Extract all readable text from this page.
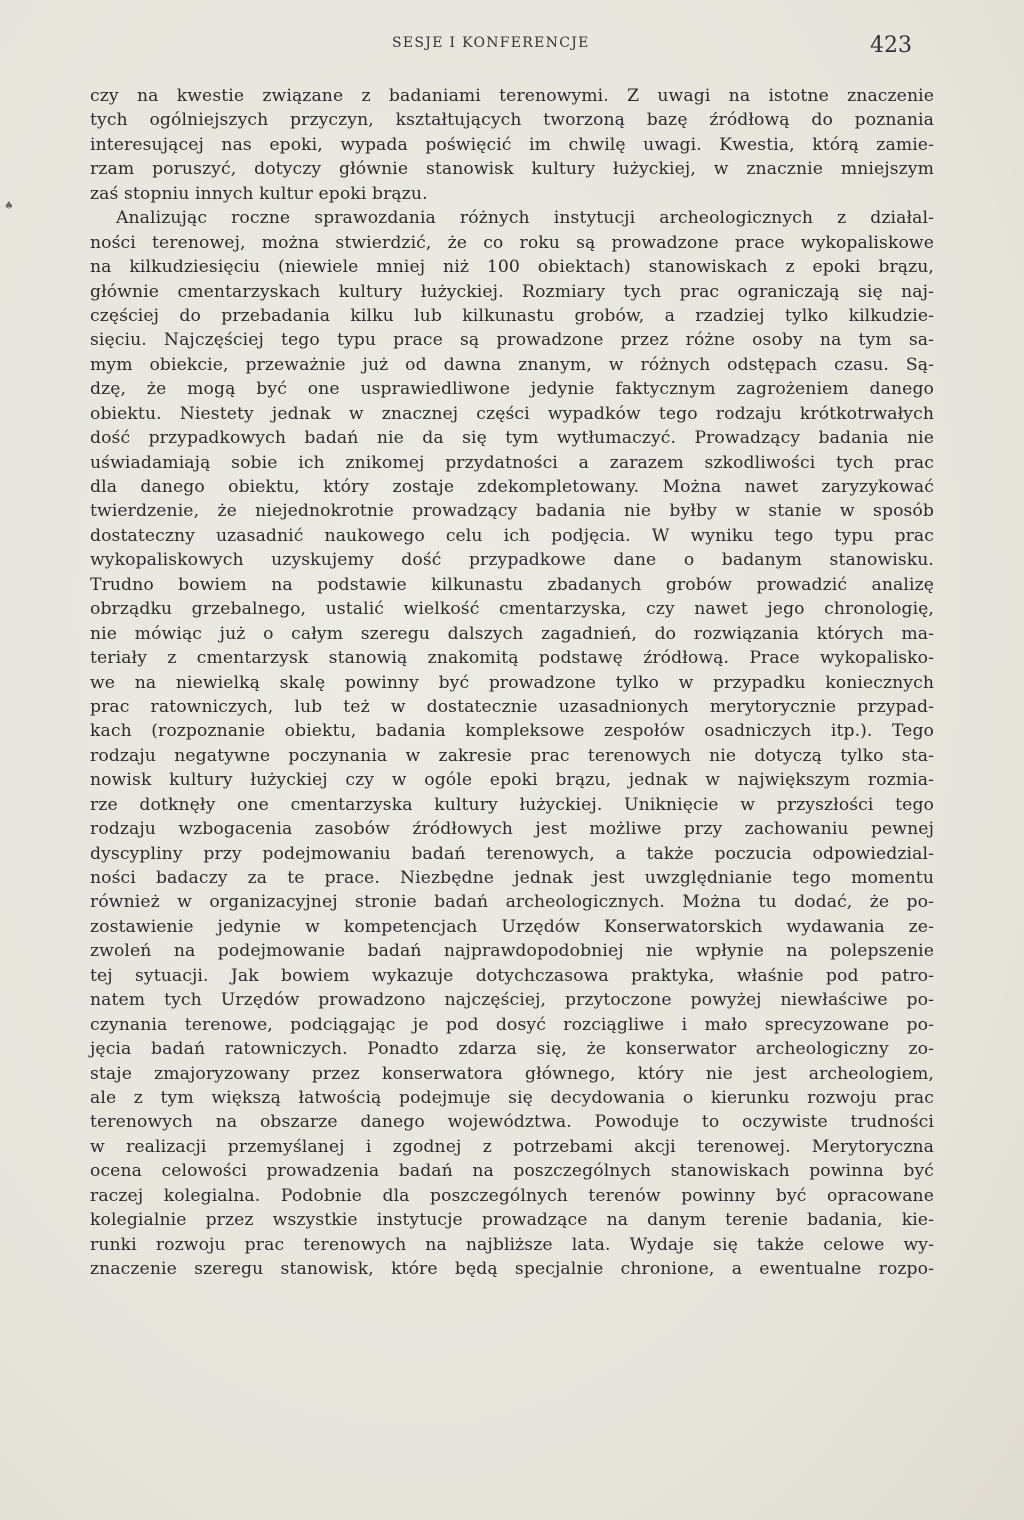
SESJE I KONFERENCJE	423
♠
czy na kwestie związane z badaniami terenowymi. Z uwagi na istotne znaczenie
tych ogólniejszych przyczyn, kształtujących tworzoną bazę źródłową do poznania
interesującej nas epoki, wypada poświęcić im chwilę uwagi. Kwestia, którą zamie-
rzam poruszyć, dotyczy głównie stanowisk kultury łużyckiej, w znacznie mniejszym
zaś stopniu innych kultur epoki brązu.
Analizując roczne sprawozdania różnych instytucji archeologicznych z działal-
ności terenowej, można stwierdzić, że co roku są prowadzone prace wykopaliskowe
na kilkudziesięciu (niewiele mniej niż 100 obiektach) stanowiskach z epoki brązu,
głównie cmentarzyskach kultury łużyckiej. Rozmiary tych prac ograniczają się naj-
częściej do przebadania kilku lub kilkunastu grobów, a rzadziej tylko kilkudzie-
sięciu. Najczęściej tego typu prace są prowadzone przez różne osoby na tym sa-
mym obiekcie, przeważnie już od dawna znanym, w różnych odstępach czasu. Są-
dzę, że mogą być one usprawiedliwone jedynie faktycznym zagrożeniem danego
obiektu. Niestety jednak w znacznej części wypadków tego rodzaju krótkotrwałych
dość przypadkowych badań nie da się tym wytłumaczyć. Prowadzący badania nie
uświadamiają sobie ich znikomej przydatności a zarazem szkodliwości tych prac
dla danego obiektu, który zostaje zdekompletowany. Można nawet zaryzykować
twierdzenie, że niejednokrotnie prowadzący badania nie byłby w stanie w sposób
dostateczny uzasadnić naukowego celu ich podjęcia. W wyniku tego typu prac
wykopaliskowych uzyskujemy dość przypadkowe dane o badanym stanowisku.
Trudno bowiem na podstawie kilkunastu zbadanych grobów prowadzić analizę
obrządku grzebalnego, ustalić wielkość cmentarzyska, czy nawet jego chronologię,
nie mówiąc już o całym szeregu dalszych zagadnień, do rozwiązania których ma-
teriały z cmentarzysk stanowią znakomitą podstawę źródłową. Prace wykopalisko-
we na niewielką skalę powinny być prowadzone tylko w przypadku koniecznych
prac ratowniczych, lub też w dostatecznie uzasadnionych merytorycznie przypad-
kach (rozpoznanie obiektu, badania kompleksowe zespołów osadniczych itp.). Tego
rodzaju negatywne poczynania w zakresie prac terenowych nie dotyczą tylko sta-
nowisk kultury łużyckiej czy w ogóle epoki brązu, jednak w największym rozmia-
rze dotknęły one cmentarzyska kultury łużyckiej. Uniknięcie w przyszłości tego
rodzaju wzbogacenia zasobów źródłowych jest możliwe przy zachowaniu pewnej
dyscypliny przy podejmowaniu badań terenowych, a także poczucia odpowiedzial-
ności badaczy za te prace. Niezbędne jednak jest uwzględnianie tego momentu
również w organizacyjnej stronie badań archeologicznych. Można tu dodać, że po-
zostawienie jedynie w kompetencjach Urzędów Konserwatorskich wydawania ze-
zwoleń na podejmowanie badań najprawdopodobniej nie wpłynie na polepszenie
tej sytuacji. Jak bowiem wykazuje dotychczasowa praktyka, właśnie pod patro-
natem tych Urzędów prowadzono najczęściej, przytoczone powyżej niewłaściwe po-
czynania terenowe, podciągając je pod dosyć rozciągliwe i mało sprecyzowane po-
jęcia badań ratowniczych. Ponadto zdarza się, że konserwator archeologiczny zo-
staje zmajoryzowany przez konserwatora głównego, który nie jest archeologiem,
ale z tym większą łatwością podejmuje się decydowania o kierunku rozwoju prac
terenowych na obszarze danego województwa. Powoduje to oczywiste trudności
w realizacji przemyślanej i zgodnej z potrzebami akcji terenowej. Merytoryczna
ocena celowości prowadzenia badań na poszczególnych stanowiskach powinna być
raczej kolegialna. Podobnie dla poszczególnych terenów powinny być opracowane
kolegialnie przez wszystkie instytucje prowadzące na danym terenie badania, kie-
runki rozwoju prac terenowych na najbliższe lata. Wydaje się także celowe wy-
znaczenie szeregu stanowisk, które będą specjalnie chronione, a ewentualne rozpo-
